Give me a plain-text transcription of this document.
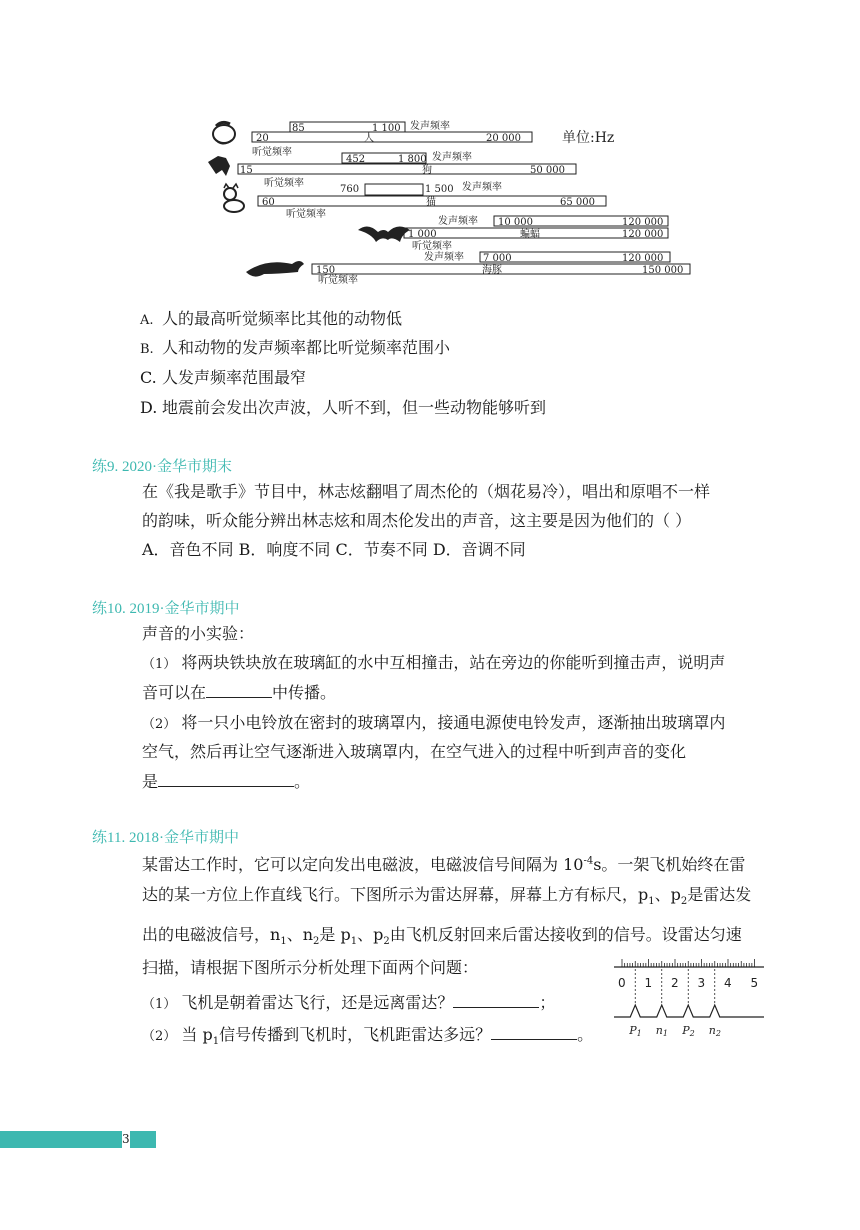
85	1 100 发声频率
20	人	20 000
听觉频率
单位:Hz
452	1 800 发声频率
15	狗	50 000
听觉频率
760	1 500 发声频率
60	猫	65 000
听觉频率
发声频率 10 000	120 000
1 000	蝙蝠	120 000
听觉频率
发声频率 7 000	120 000
150	海豚	150 000
听觉频率
A. 人的最高听觉频率比其他的动物低
B. 人和动物的发声频率都比听觉频率范围小
C. 人发声频率范围最窄
D. 地震前会发出次声波，人听不到，但一些动物能够听到
练9. 2020·金华市期末
在《我是歌手》节目中，林志炫翻唱了周杰伦的（烟花易冷），唱出和原唱不一样
的韵味，听众能分辨出林志炫和周杰伦发出的声音，这主要是因为他们的（ ）
A．音色不同 B．响度不同 C．节奏不同 D．音调不同
练10. 2019·金华市期中
声音的小实验：
（1） 将两块铁块放在玻璃缸的水中互相撞击，站在旁边的你能听到撞击声，说明声
音可以在	中传播。
（2） 将一只小电铃放在密封的玻璃罩内，接通电源使电铃发声，逐渐抽出玻璃罩内
空气，然后再让空气逐渐进入玻璃罩内，在空气进入的过程中听到声音的变化
是	。
练11. 2018·金华市期中
某雷达工作时，它可以定向发出电磁波，电磁波信号间隔为 $10^{-4}s$。一架飞机始终在雷
达的某一方位上作直线飞行。下图所示为雷达屏幕，屏幕上方有标尺，$p_1$、$p_2$是雷达发
出的电磁波信号，$n_1$、$n_2$是 $p_1$、$p_2$由飞机反射回来后雷达接收到的信号。设雷达匀速
扫描，请根据下图所示分析处理下面两个问题：
（1） 飞机是朝着雷达飞行，还是远离雷达？	；
（2） 当 $p_1$信号传播到飞机时，飞机距雷达多远？	。
0 1 2 3 4 5
P1 n1 P2 n2
3
